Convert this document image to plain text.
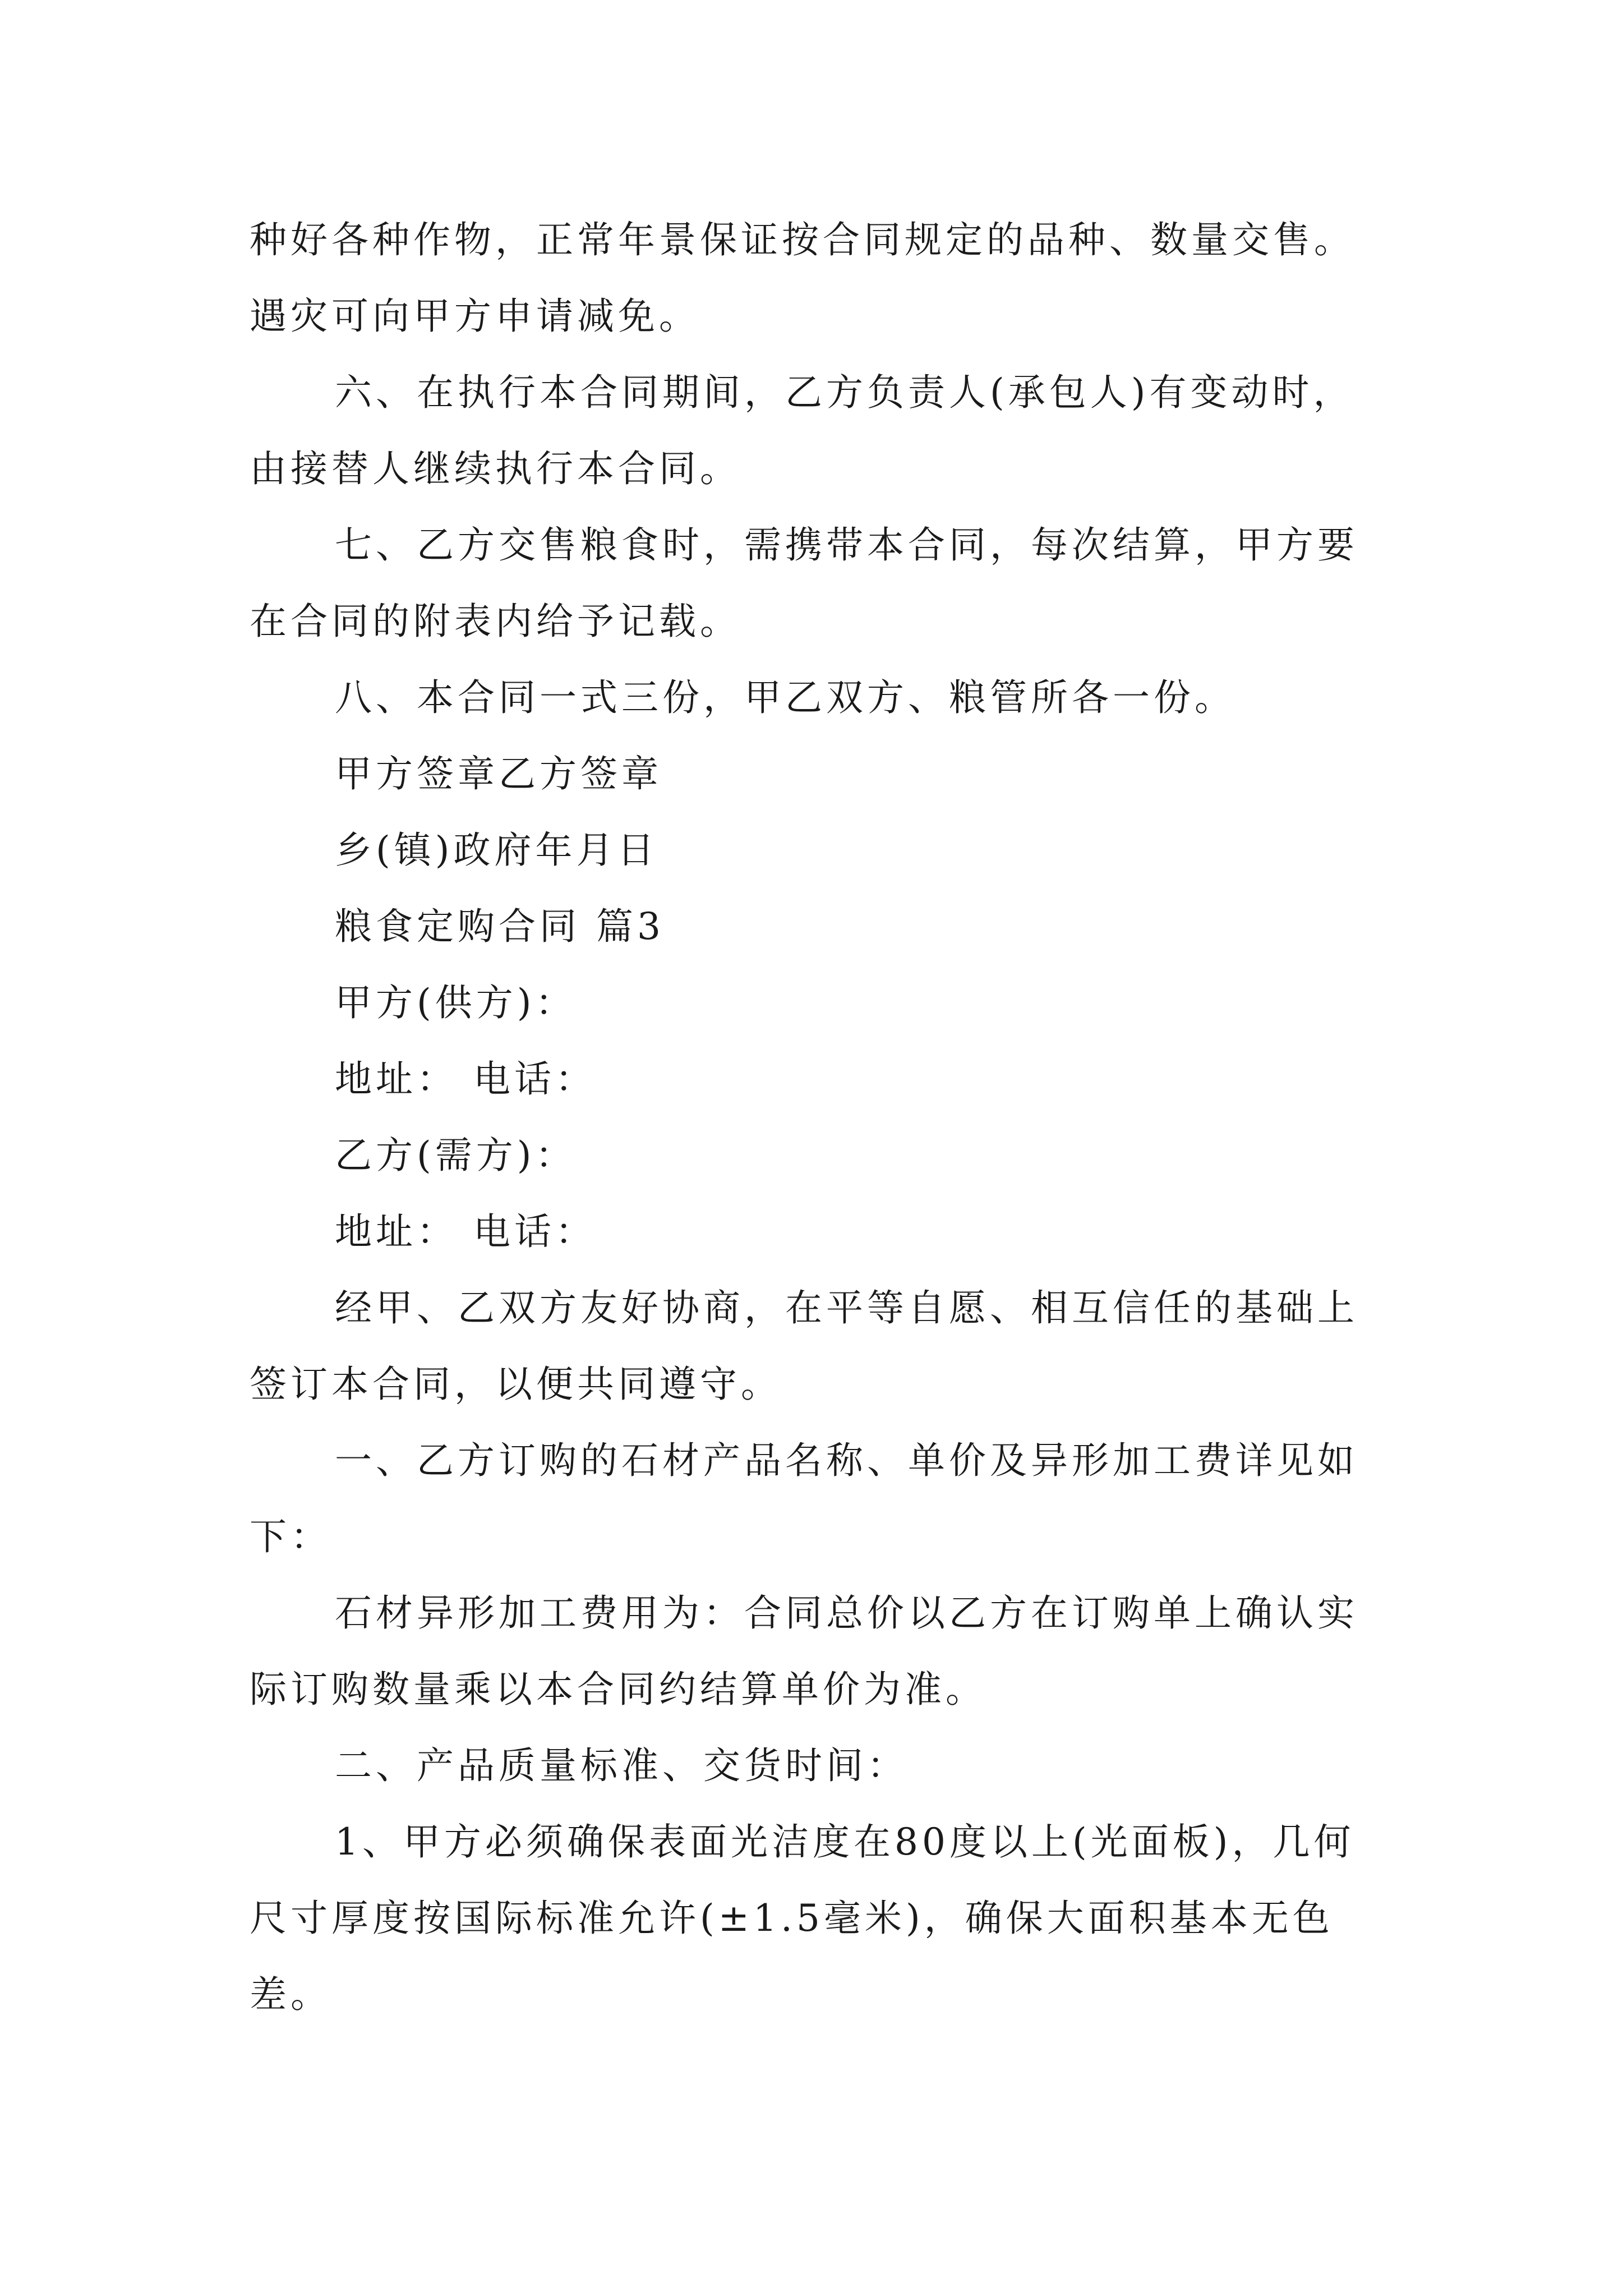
种好各种作物，正常年景保证按合同规定的品种、数量交售。遇灾可向甲方申请减免。

六、在执行本合同期间，乙方负责人(承包人)有变动时，由接替人继续执行本合同。

七、乙方交售粮食时，需携带本合同，每次结算，甲方要在合同的附表内给予记载。

八、本合同一式三份，甲乙双方、粮管所各一份。

甲方签章乙方签章

乡(镇)政府年月日

粮食定购合同 篇3

甲方(供方)：

地址： 电话：

乙方(需方)：

地址： 电话：

经甲、乙双方友好协商，在平等自愿、相互信任的基础上签订本合同，以便共同遵守。

一、乙方订购的石材产品名称、单价及异形加工费详见如下：

石材异形加工费用为：合同总价以乙方在订购单上确认实际订购数量乘以本合同约结算单价为准。

二、产品质量标准、交货时间：

1、甲方必须确保表面光洁度在80度以上(光面板)，几何尺寸厚度按国际标准允许(±1.5毫米)，确保大面积基本无色差。
